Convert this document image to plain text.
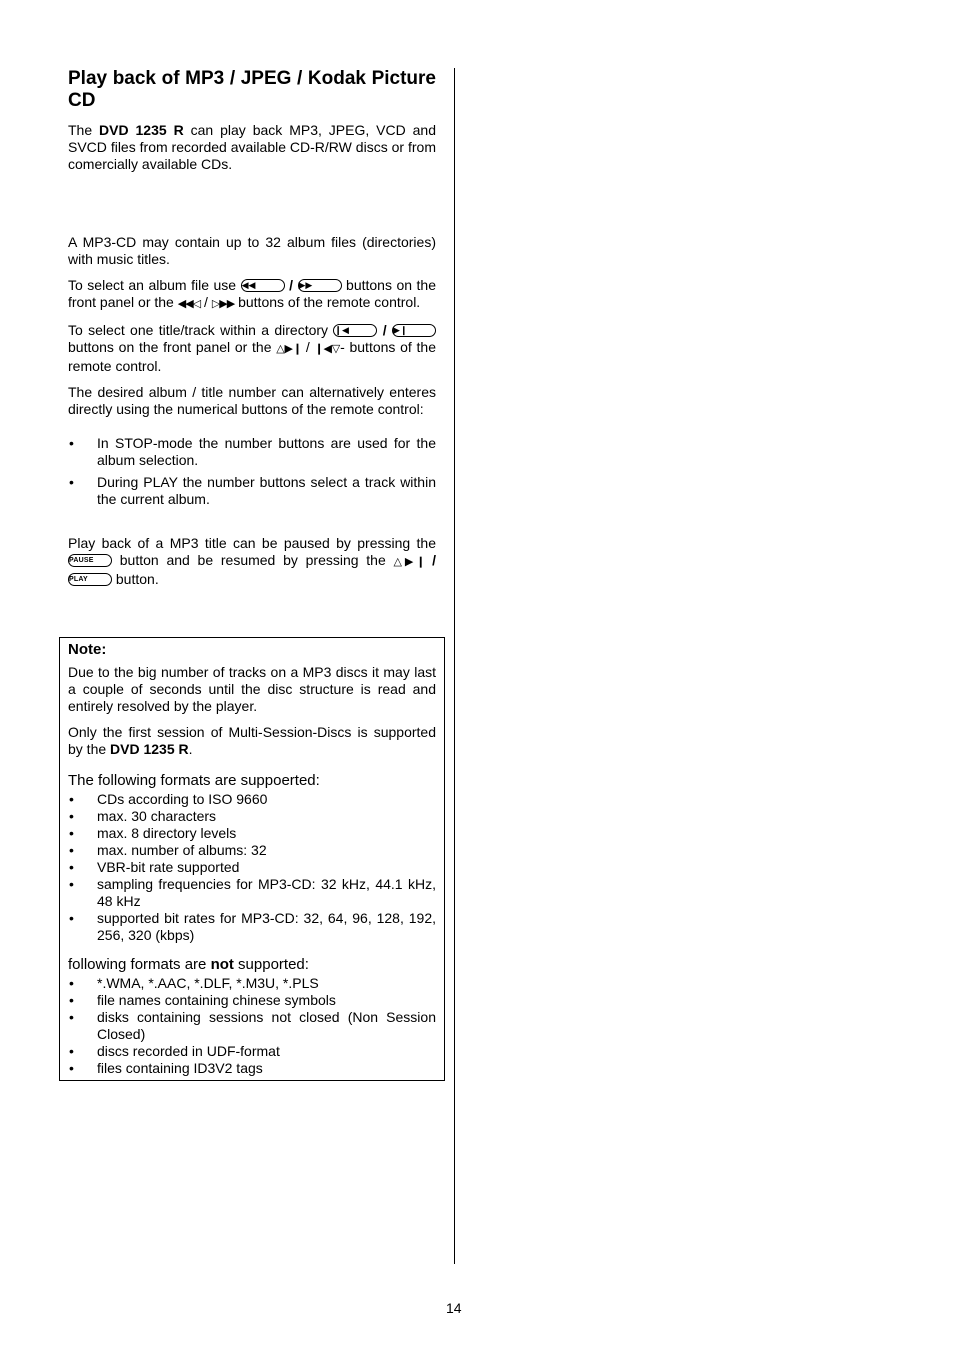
Play back of MP3 / JPEG / Kodak Picture CD

The DVD 1235 R can play back MP3, JPEG, VCD and SVCD files from recorded available CD-R/RW discs or from comercially available CDs.

A MP3-CD may contain up to 32 album files (directories) with music titles.

To select an album file use ◀◀ / ▶▶ buttons on the front panel or the ◀◀◁ / ▷▶▶ buttons of the remote control.

To select one title/track within a directory ❙◀ / ▶❙ buttons on the front panel or the △▶❙ / ❙◀▽- buttons of the remote control.

The desired album / title number can alternatively enteres directly using the numerical buttons of the remote control:

• In STOP-mode the number buttons are used for the album selection.
• During PLAY the number buttons select a track within the current album.

Play back of a MP3 title can be paused by pressing the PAUSE button and be resumed by pressing the △▶❙ / PLAY button.

Note:

Due to the big number of tracks on a MP3 discs it may last a couple of seconds until the disc structure is read and entirely resolved by the player.

Only the first session of Multi-Session-Discs is supported by the DVD 1235 R.

The following formats are suppoerted:
• CDs according to ISO 9660
• max. 30 characters
• max. 8 directory levels
• max. number of albums: 32
• VBR-bit rate supported
• sampling frequencies for MP3-CD: 32 kHz, 44.1 kHz, 48 kHz
• supported bit rates for MP3-CD: 32, 64, 96, 128, 192, 256, 320 (kbps)
following formats are not supported:
• *.WMA, *.AAC, *.DLF, *.M3U, *.PLS
• file names containing chinese symbols
• disks containing sessions not closed (Non Session Closed)
• discs recorded in UDF-format
• files containing ID3V2 tags
14
